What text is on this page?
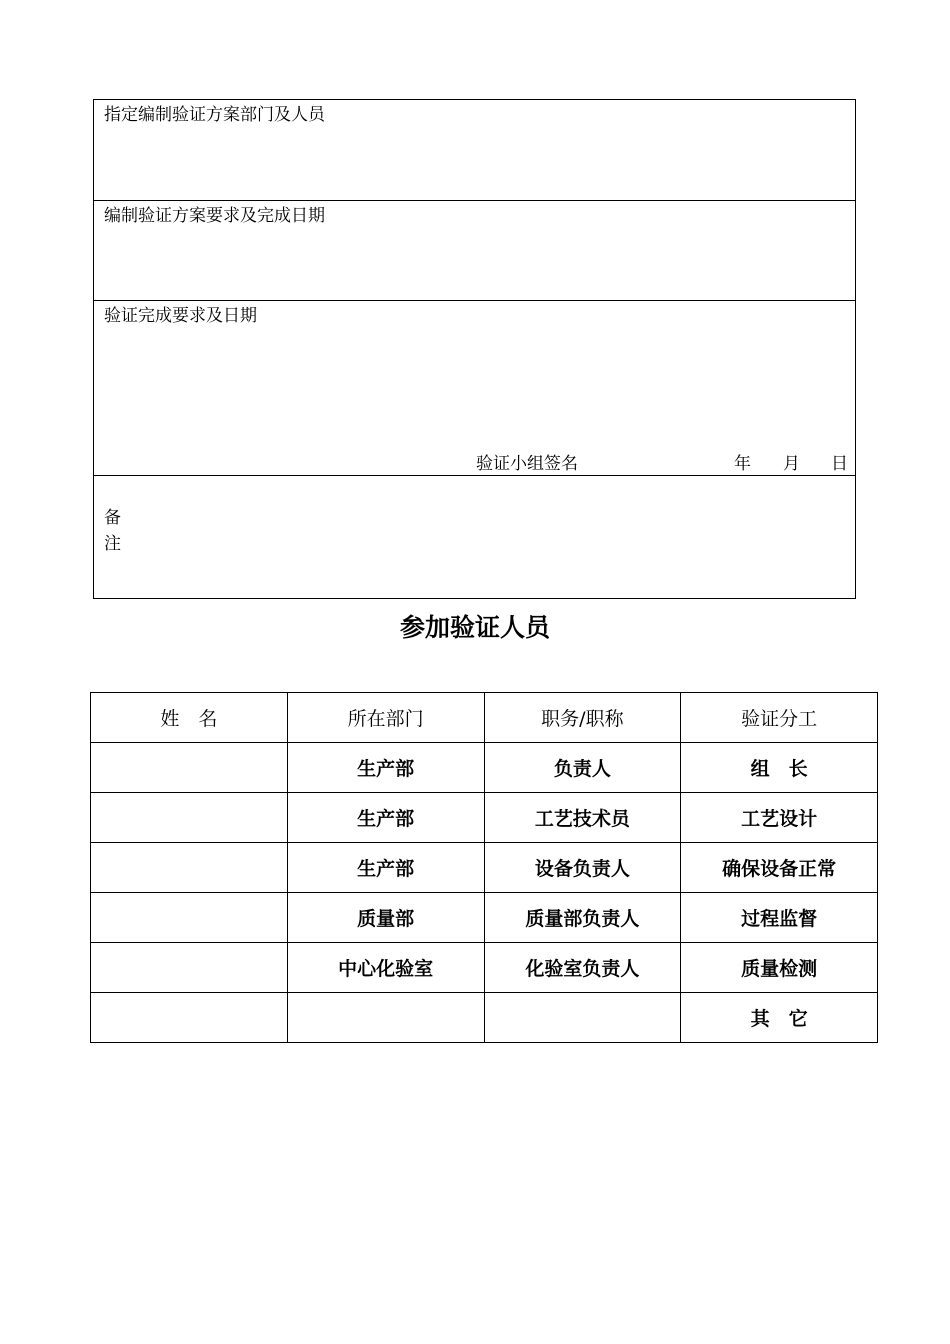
指定编制验证方案部门及人员
编制验证方案要求及完成日期
验证完成要求及日期
验证小组签名	年 月 日
备
注
参加验证人员
姓　名	所在部门	职务/职称	验证分工
	生产部	负责人	组　长
	生产部	工艺技术员	工艺设计
	生产部	设备负责人	确保设备正常
	质量部	质量部负责人	过程监督
	中心化验室	化验室负责人	质量检测
			其　它
